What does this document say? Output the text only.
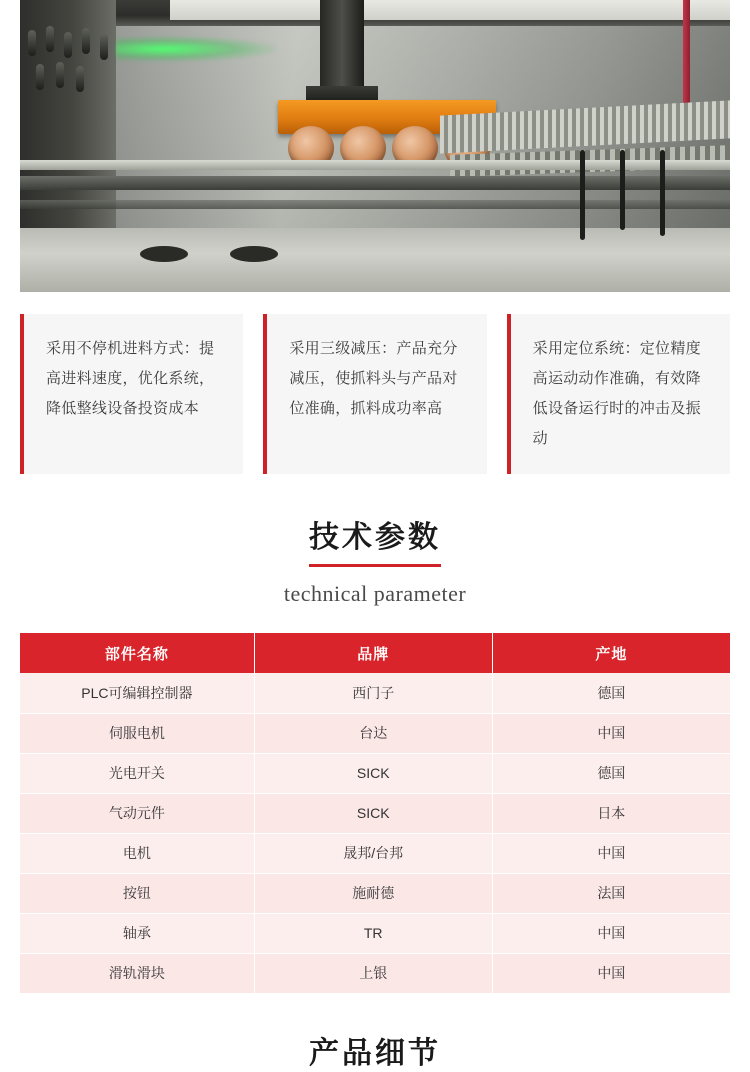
采用不停机进料方式：提高进料速度，优化系统，降低整线设备投资成本

采用三级减压：产品充分减压，使抓料头与产品对位准确，抓料成功率高

采用定位系统：定位精度高运动动作准确，有效降低设备运行时的冲击及振动

技术参数
technical parameter
部件名称	品牌	产地
PLC可编辑控制器	西门子	德国
伺服电机	台达	中国
光电开关	SICK	德国
气动元件	SICK	日本
电机	晟邦/台邦	中国
按钮	施耐德	法国
轴承	TR	中国
滑轨滑块	上银	中国
产品细节
